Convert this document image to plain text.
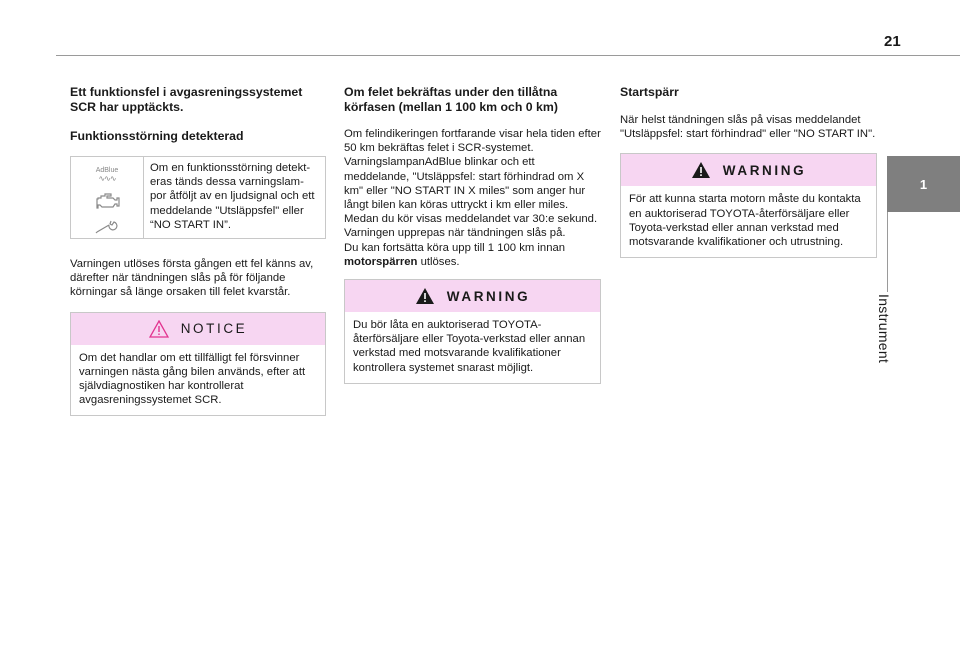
21
1
Instrument
Ett funktionsfel i avgasreningssystemet SCR har upptäckts.
Funktionsstörning detekterad
AdBlue
∿∿∿
Om en funktionsstörning detekt-eras tänds dessa varningslam-por åtföljt av en ljudsignal och ett meddelande "Utsläppsfel" eller “NO START IN”.

Varningen utlöses första gången ett fel känns av, därefter när tändningen slås på för följande körningar så länge orsaken till felet kvarstår.

NOTICE
Om det handlar om ett tillfälligt fel försvinner varningen nästa gång bilen används, efter att självdiagnostiken har kontrollerat avgasreningssystemet SCR.
Om felet bekräftas under den tillåtna körfasen (mellan 1 100 km och 0 km)

Om felindikeringen fortfarande visar hela tiden efter 50 km bekräftas felet i SCR-systemet. VarningslampanAdBlue blinkar och ett meddelande, "Utsläppsfel: start förhindrad om X km" eller "NO START IN X miles" som anger hur långt bilen kan köras uttryckt i km eller miles. Medan du kör visas meddelandet var 30:e sekund. Varningen upprepas när tändningen slås på.

Du kan fortsätta köra upp till 1 100 km innan motorspärren utlöses.

WARNING
Du bör låta en auktoriserad TOYOTA-återförsäljare eller Toyota-verkstad eller annan verkstad med motsvarande kvalifikationer kontrollera systemet snarast möjligt.
Startspärr

När helst tändningen slås på visas meddelandet "Utsläppsfel: start förhindrad" eller "NO START IN".

WARNING
För att kunna starta motorn måste du kontakta en auktoriserad TOYOTA-återförsäljare eller Toyota-verkstad eller annan verkstad med motsvarande kvalifikationer och utrustning.
